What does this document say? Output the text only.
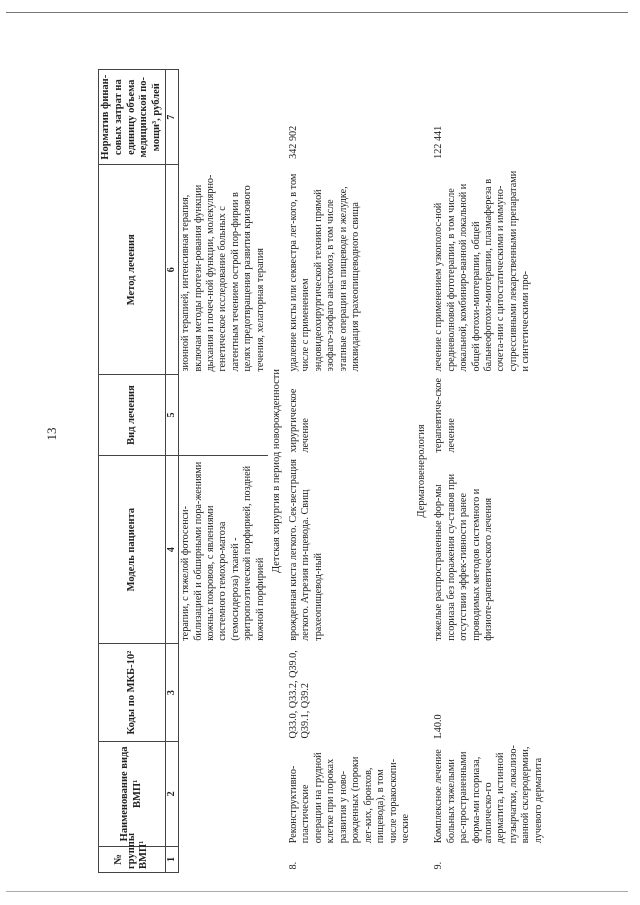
13
№ группы ВМП¹	Наименование вида ВМП¹	Коды по МКБ-10²	Модель пациента	Вид лечения	Метод лечения	Норматив финан-совых затрат на единицу объема медицинской по-мощи³, рублей
1	2	3	4	5	6	7
			терапии, с тяжелой фотосенси-билизацией и обширными пора-жениями кожных покровов, с явлениями системного гемохро-матоза (гемосидероза) тканей - эритропоэтической порфирией, поздней кожной порфирией		зионной терапией, интенсивная терапия, включая методы протези-рования функции дыхания и почеч-ной функции, молекулярно-генетическое исследование больных с латентным течением острой пор-фирии в целях предотвращения развития кризового течения, хелаторная терапия	
Детская хирургия в период новорожденности						
8.	Реконструктивно-пластические операции на грудной клетке при пороках развития у ново-рожденных (пороки лег-ких, бронхов, пищевода), в том числе торакоскопи-ческие	Q33.0, Q33.2, Q39.0, Q39.1, Q39.2	врожденная киста легкого. Сек-вестрация легкого. Атрезия пи-щевода. Свищ трахеопищевод-ный	хирургическое лечение	удаление кисты или секвестра лег-кого, в том числе с применением эндовидеохирургической техники прямой эзофаго-эзофаго анастомоз, в том числе этапные операции на пищеводе и желудке, ликвидация трахеопищеводного свища	342 902
Дерматовенерология						
9.	Комплексное лечение больных тяжелыми рас-пространенными форма-ми псориаза, атопическо-го дерматита, истинной пузырчатки, локализо-ванной склеродермии, лучевого дерматита	L40.0	тяжелые распространенные фор-мы псориаза без поражения су-ставов при отсутствии эффек-тивности ранее проводимых методов системного и физиоте-рапевтического лечения	терапевтиче-ское лечение	лечение с применением узкополос-ной средневолновой фототерапии, в том числе локальной, комбиниро-ванной локальной и общей фотохи-миотерапии, общей бальнеофотохи-миотерапии, плазмафереза в сочета-нии с цитостатическими и иммуно-супрессивными лекарственными препаратами и синтетическими про-	122 441
